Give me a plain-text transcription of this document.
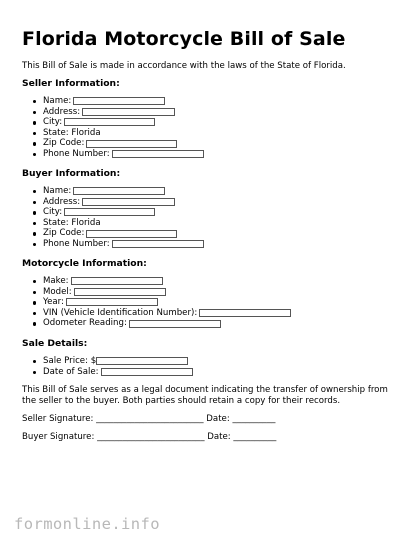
Florida Motorcycle Bill of Sale
This Bill of Sale is made in accordance with the laws of the State of Florida.
Seller Information:
Name:
Address:
City:
State: Florida
Zip Code:
Phone Number:
Buyer Information:
Name:
Address:
City:
State: Florida
Zip Code:
Phone Number:
Motorcycle Information:
Make:
Model:
Year:
VIN (Vehicle Identification Number):
Odometer Reading:
Sale Details:
Sale Price: $
Date of Sale:
This Bill of Sale serves as a legal document indicating the transfer of ownership from the seller to the buyer. Both parties should retain a copy for their records.
Seller Signature: _________________________ Date: __________
Buyer Signature: _________________________ Date: __________
formonline.info
